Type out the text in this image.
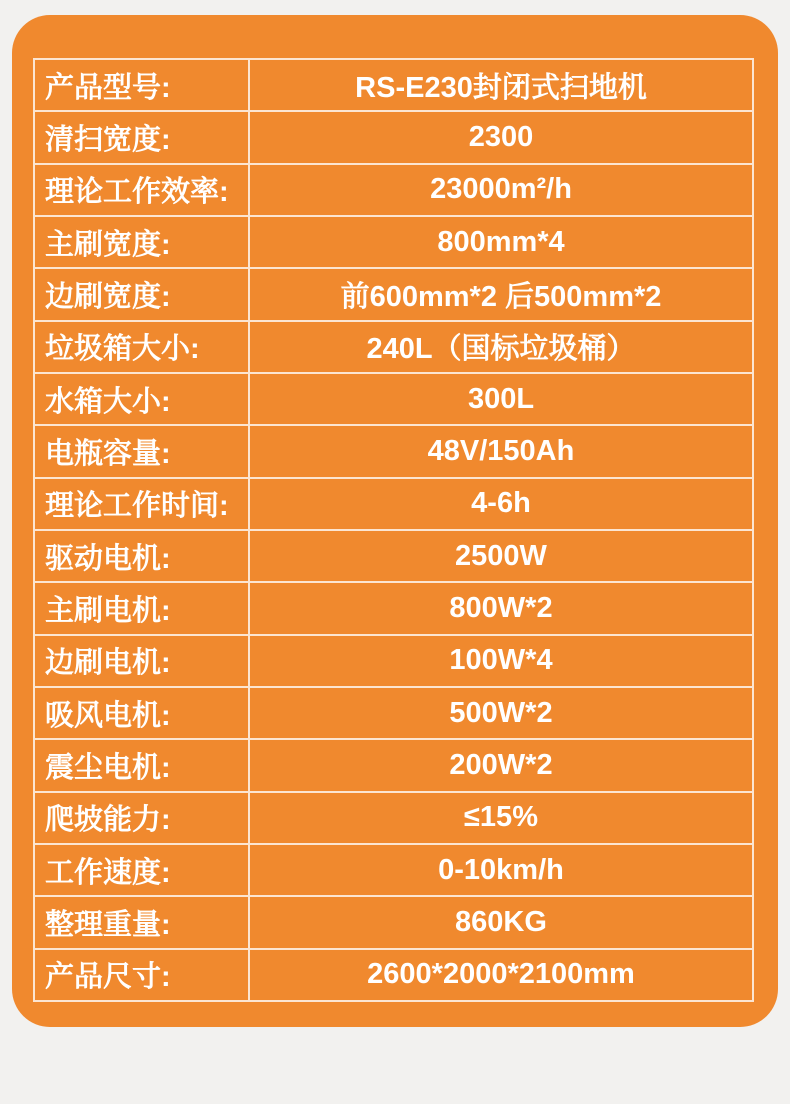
产品型号:	RS-E230封闭式扫地机
清扫宽度:	2300
理论工作效率:	23000m²/h
主刷宽度:	800mm*4
边刷宽度:	前600mm*2 后500mm*2
垃圾箱大小:	240L（国标垃圾桶）
水箱大小:	300L
电瓶容量:	48V/150Ah
理论工作时间:	4-6h
驱动电机:	2500W
主刷电机:	800W*2
边刷电机:	100W*4
吸风电机:	500W*2
震尘电机:	200W*2
爬坡能力:	≤15%
工作速度:	0-10km/h
整理重量:	860KG
产品尺寸:	2600*2000*2100mm
